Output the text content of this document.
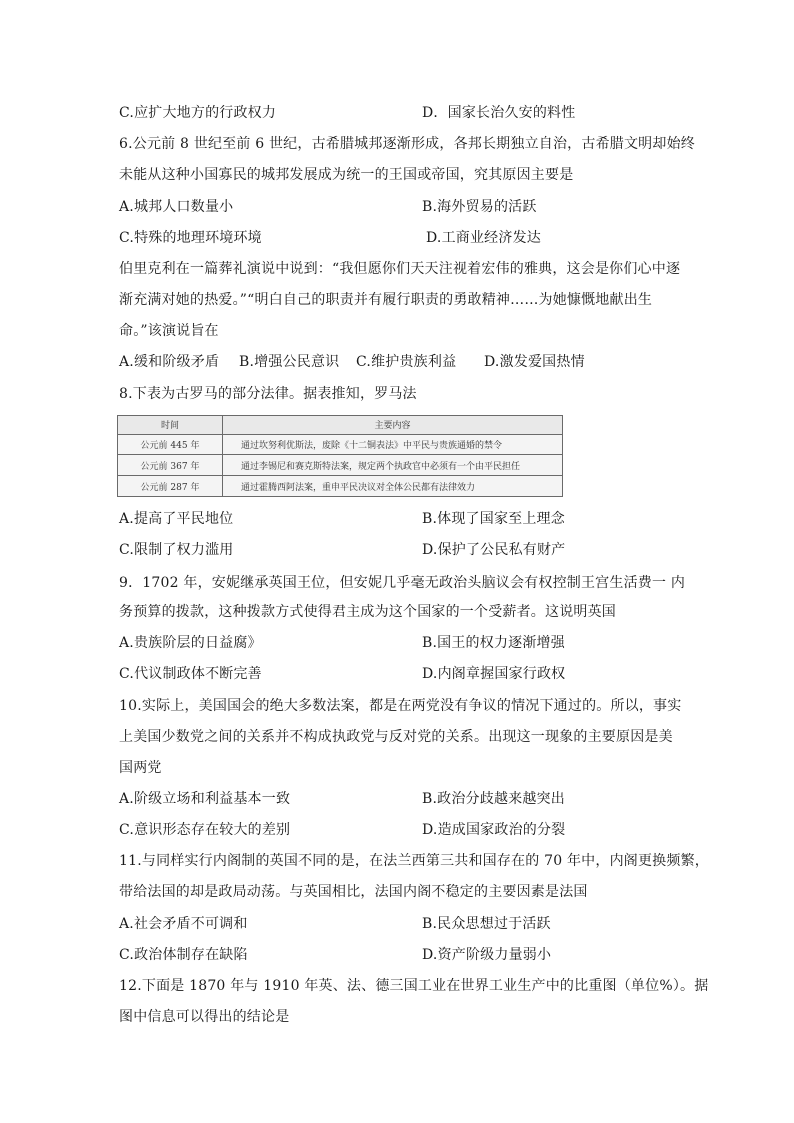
C.应扩大地方的行政权力	D．国家长治久安的料性
6.公元前 8 世纪至前 6 世纪，古希腊城邦逐渐形成，各邦长期独立自治，古希腊文明却始终
未能从这种小国寡民的城邦发展成为统一的王国或帝国，究其原因主要是
A.城邦人口数量小	B.海外贸易的活跃
C.特殊的地理环境环境	D.工商业经济发达
伯里克利在一篇葬礼演说中说到：“我但愿你们天天注视着宏伟的雅典，这会是你们心中逐
渐充满对她的热爱。”“明白自己的职责并有履行职责的勇敢精神……为她慷慨地献出生
命。”该演说旨在
A.缓和阶级矛盾 B.增强公民意识 C.维护贵族利益 D.激发爱国热情
8.下表为古罗马的部分法律。据表推知，罗马法
时间	主要内容
公元前 445 年	通过坎努利优斯法，废除《十二铜表法》中平民与贵族通婚的禁令
公元前 367 年	通过李锡尼和赛克斯特法案，规定两个执政官中必须有一个由平民担任
公元前 287 年	通过霍腾西阿法案，重申平民决议对全体公民都有法律效力
A.提高了平民地位	B.体现了国家至上理念
C.限制了权力滥用	D.保护了公民私有财产
9．1702 年，安妮继承英国王位，但安妮几乎毫无政治头脑议会有权控制王宫生活费一 内
务预算的拨款，这种拨款方式使得君主成为这个国家的一个受薪者。这说明英国
A.贵族阶层的日益腐》	B.国王的权力逐渐增强
C.代议制政体不断完善	D.内阁章握国家行政权
10.实际上，美国国会的绝大多数法案，都是在两党没有争议的情况下通过的。所以，事实
上美国少数党之间的关系并不构成执政党与反对党的关系。出现这一现象的主要原因是美
国两党
A.阶级立场和利益基本一致	B.政治分歧越来越突出
C.意识形态存在较大的差别	D.造成国家政治的分裂
11.与同样实行内阁制的英国不同的是，在法兰西第三共和国存在的 70 年中，内阁更换频繁，
带给法国的却是政局动荡。与英国相比，法国内阁不稳定的主要因素是法国
A.社会矛盾不可调和	B.民众思想过于活跃
C.政治体制存在缺陷	D.资产阶级力量弱小
12.下面是 1870 年与 1910 年英、法、德三国工业在世界工业生产中的比重图（单位%）。据
图中信息可以得出的结论是
